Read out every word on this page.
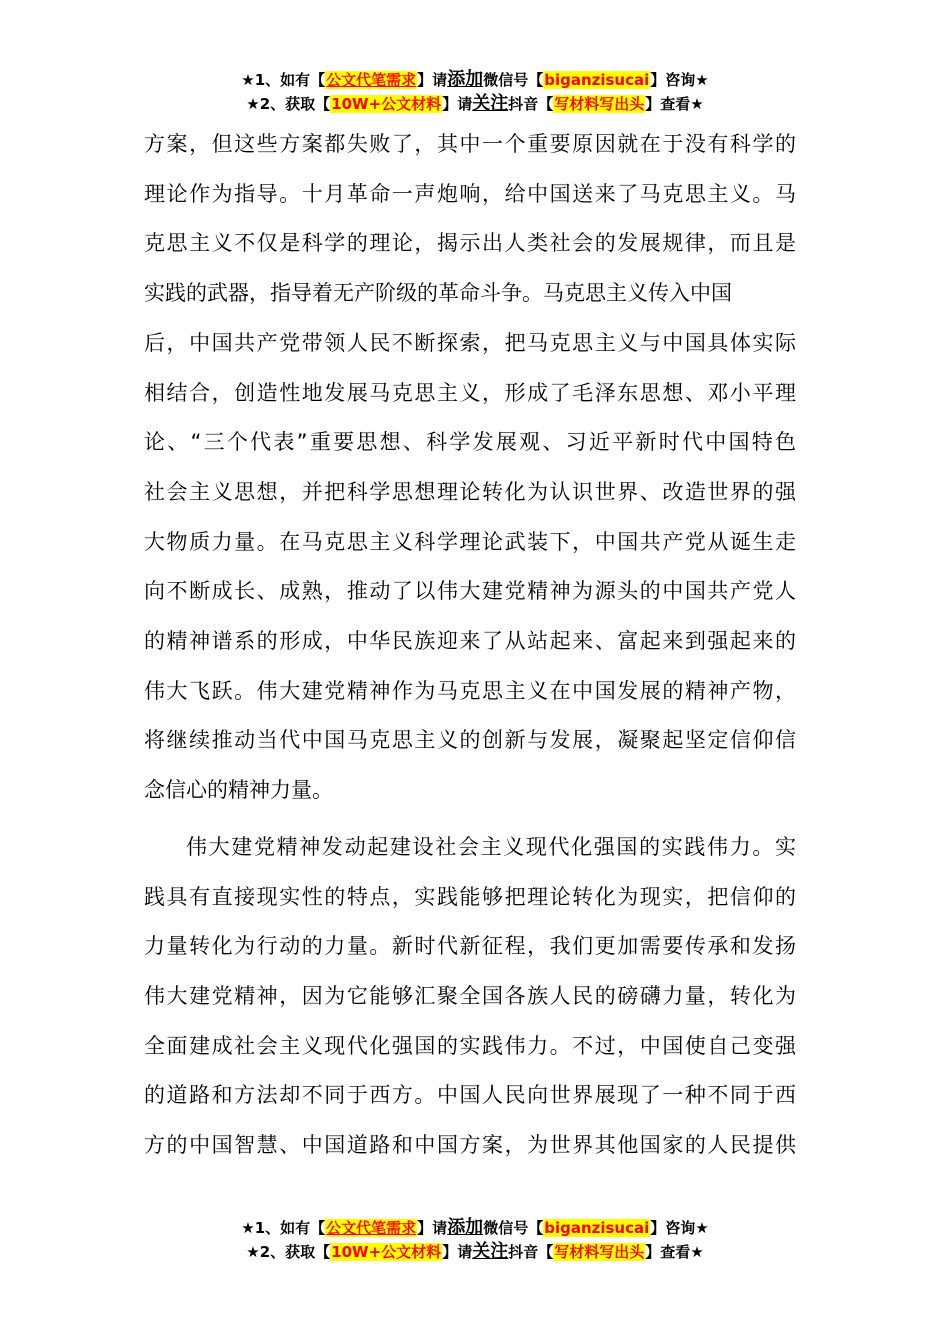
★1、如有【公文代笔需求】请添加微信号【biganzisucai】咨询★
★2、获取【10W+公文材料】请关注抖音【写材料写出头】查看★
方案，但这些方案都失败了，其中一个重要原因就在于没有科学的
理论作为指导。十月革命一声炮响，给中国送来了马克思主义。马
克思主义不仅是科学的理论，揭示出人类社会的发展规律，而且是
实践的武器，指导着无产阶级的革命斗争。马克思主义传入中国
后，中国共产党带领人民不断探索，把马克思主义与中国具体实际
相结合，创造性地发展马克思主义，形成了毛泽东思想、邓小平理
论、“三个代表”重要思想、科学发展观、习近平新时代中国特色
社会主义思想，并把科学思想理论转化为认识世界、改造世界的强
大物质力量。在马克思主义科学理论武装下，中国共产党从诞生走
向不断成长、成熟，推动了以伟大建党精神为源头的中国共产党人
的精神谱系的形成，中华民族迎来了从站起来、富起来到强起来的
伟大飞跃。伟大建党精神作为马克思主义在中国发展的精神产物，
将继续推动当代中国马克思主义的创新与发展，凝聚起坚定信仰信
念信心的精神力量。
伟大建党精神发动起建设社会主义现代化强国的实践伟力。实
践具有直接现实性的特点，实践能够把理论转化为现实，把信仰的
力量转化为行动的力量。新时代新征程，我们更加需要传承和发扬
伟大建党精神，因为它能够汇聚全国各族人民的磅礴力量，转化为
全面建成社会主义现代化强国的实践伟力。不过，中国使自己变强
的道路和方法却不同于西方。中国人民向世界展现了一种不同于西
方的中国智慧、中国道路和中国方案，为世界其他国家的人民提供
★1、如有【公文代笔需求】请添加微信号【biganzisucai】咨询★
★2、获取【10W+公文材料】请关注抖音【写材料写出头】查看★
